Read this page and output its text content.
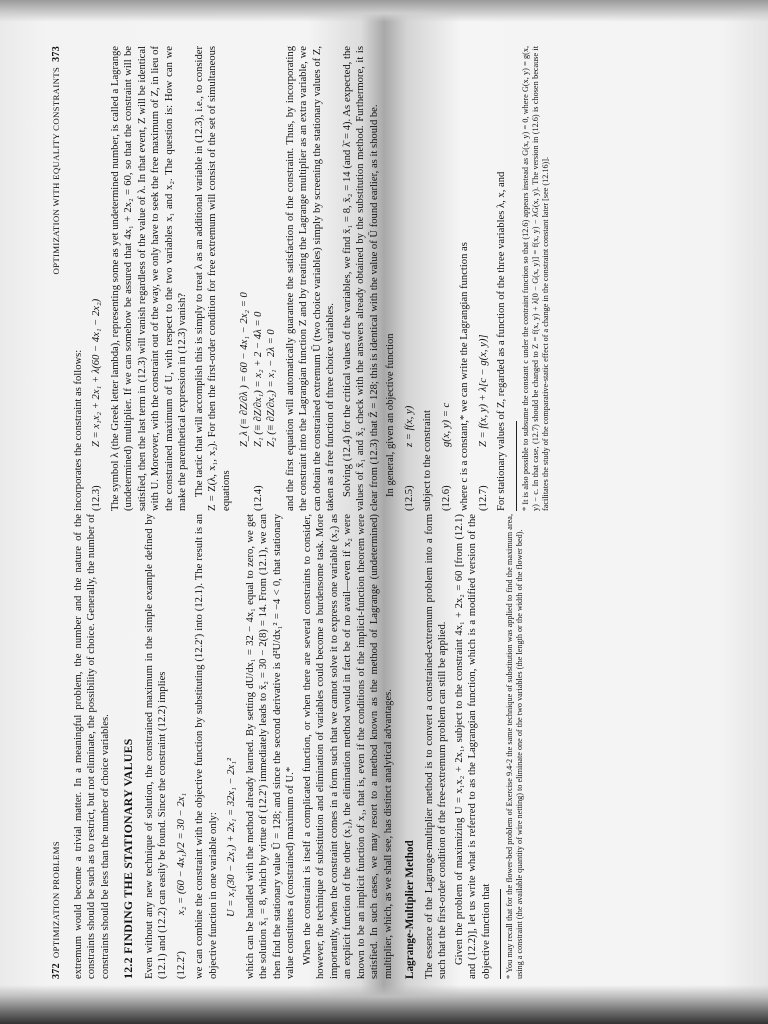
372  OPTIMIZATION PROBLEMS extremum would become a trivial matter. In a meaningful problem, the number and the nature of the constraints should be such as to restrict, but not eliminate, the possibility of choice. Generally, the number of constraints should be less than the number of choice variables. 12.2 FINDING THE STATIONARY VALUES Even without any new technique of solution, the constrained maximum in the simple example defined by (12.1) and (12.2) can easily be found. Since the constraint (12.2) implies (12.2′)
x₂ = (60 − 4x₁)/2 = 30 − 2x₁ we can combine the constraint with the objective function by substituting (12.2′) into (12.1). The result is an objective function in one variable only: U = x₁(30 − 2x₁) + 2x₁ = 32x₁ − 2x₁² which can be handled with the method already learned. By setting dU/dx₁ = 32 − 4x₁ equal to zero, we get the solution x̄₁ = 8, which by virtue of (12.2′) immediately leads to x̄₂ = 30 − 2(8) = 14. From (12.1), we can then find the stationary value Ū = 128; and since the second derivative is d²U/dx₁² = −4 < 0, that stationary value constitutes a (constrained) maximum of U.* When the constraint is itself a complicated function, or when there are several constraints to consider, however, the technique of substitution and elimination of variables could become a burdensome task. More importantly, when the constraint comes in a form such that we cannot solve it to express one variable (x₂) as an explicit function of the other (x₁), the elimination method would in fact be of no avail—even if x₂ were known to be an implicit function of x₁, that is, even if the conditions of the implicit-function theorem were satisfied. In such cases, we may resort to a method known as the method of Lagrange (undetermined) multiplier, which, as we shall see, has distinct analytical advantages. Lagrange-Multiplier Method The essence of the Lagrange-multiplier method is to convert a constrained-extremum problem into a form such that the first-order condition of the free-extremum problem can still be applied. Given the problem of maximizing U = x₁x₂ + 2x₁, subject to the constraint 4x₁ + 2x₂ = 60 [from (12.1) and (12.2)], let us write what is referred to as the Lagrangian function, which is a modified version of the objective function that * You may recall that for the flower-bed problem of Exercise 9.4-2 the same technique of substitution was applied to find the maximum area, using a constraint (the available quantity of wire netting) to eliminate one of the two variables (the length or the width of the flower bed).

OPTIMIZATION WITH EQUALITY CONSTRAINTS  373

incorporates the constraint as follows: (12.3)
Z = x₁x₂ + 2x₁ + λ(60 − 4x₁ − 2x₂) The symbol λ (the Greek letter lambda), representing some as yet undetermined number, is called a Lagrange (undetermined) multiplier. If we can somehow be assured that 4x₁ + 2x₂ = 60, so that the constraint will be satisfied, then the last term in (12.3) will vanish regardless of the value of λ. In that event, Z will be identical with U. Moreover, with the constraint out of the way, we only have to seek the free maximum of Z, in lieu of the constrained maximum of U, with respect to the two variables x₁ and x₂. The question is: How can we make the parenthetical expression in (12.3) vanish? The tactic that will accomplish this is simply to treat λ as an additional variable in (12.3), i.e., to consider Z = Z(λ, x₁, x₂). For then the first-order condition for free extremum will consist of the set of simultaneous equations (12.4)
Z_λ (≡ ∂Z/∂λ ) = 60 − 4x₁ − 2x₂ = 0 Z₁ (≡ ∂Z/∂x₁) = x₂ + 2 − 4λ = 0 Z₂ (≡ ∂Z/∂x₂) = x₁ − 2λ = 0 and the first equation will automatically guarantee the satisfaction of the constraint. Thus, by incorporating the constraint into the Lagrangian function Z and by treating the Lagrange multiplier as an extra variable, we can obtain the constrained extremum Ū (two choice variables) simply by screening the stationary values of Z, taken as a free function of three choice variables. Solving (12.4) for the critical values of the variables, we find x̄₁ = 8, x̄₂ = 14 (and λ̄ = 4). As expected, the values of x̄₁ and x̄₂ check with the answers already obtained by the substitution method. Furthermore, it is clear from (12.3) that Z̄ = 128; this is identical with the value of Ū found earlier, as it should be. In general, given an objective function

(12.5)
z = f(x, y) subject to the constraint (12.6)
g(x, y) = c where c is a constant,* we can write the Lagrangian function as (12.7)
Z = f(x, y) + λ[c − g(x, y)] For stationary values of Z, regarded as a function of the three variables λ, x, and * It is also possible to subsume the constant c under the contraint function so that (12.6) appears instead as G(x, y) = 0, where G(x, y) = g(x, y) − c. In that case, (12.7) should be changed to Z = f(x, y) + λ[0 − G(x, y)] = f(x, y) − λG(x, y). The version in (12.6) is chosen because it facilitates the study of the comparative-static effect of a change in the constraint constant later [see (12.16)].
